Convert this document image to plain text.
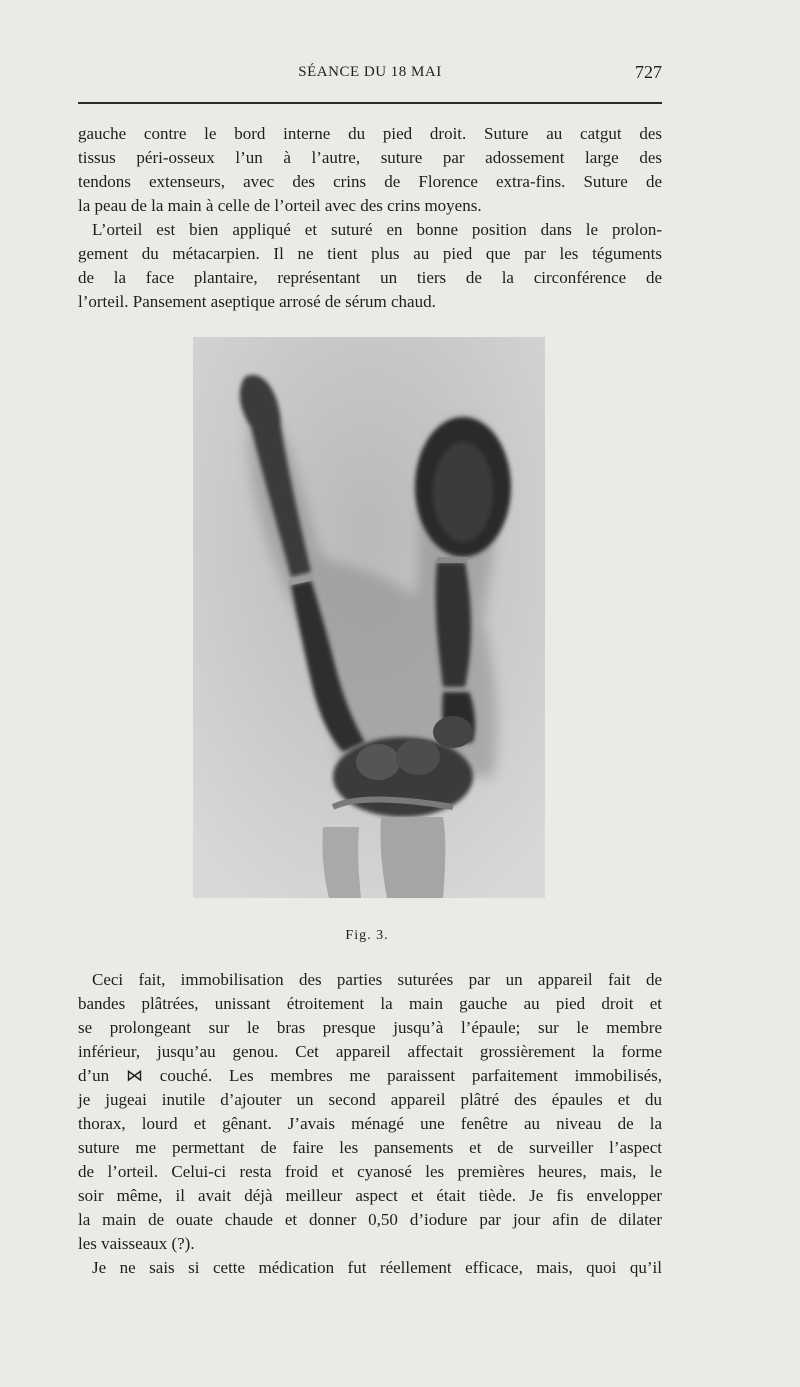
SÉANCE DU 18 MAI	727

gauche contre le bord interne du pied droit. Suture au catgut des
tissus péri-osseux l’un à l’autre, suture par adossement large des
tendons extenseurs, avec des crins de Florence extra-fins. Suture de
la peau de la main à celle de l’orteil avec des crins moyens.

L’orteil est bien appliqué et suturé en bonne position dans le prolon-
gement du métacarpien. Il ne tient plus au pied que par les téguments
de la face plantaire, représentant un tiers de la circonférence de
l’orteil. Pansement aseptique arrosé de sérum chaud.

Fig. 3.

Ceci fait, immobilisation des parties suturées par un appareil fait de
bandes plâtrées, unissant étroitement la main gauche au pied droit et
se prolongeant sur le bras presque jusqu’à l’épaule; sur le membre
inférieur, jusqu’au genou. Cet appareil affectait grossièrement la forme
d’un ⋈ couché. Les membres me paraissent parfaitement immobilisés,
je jugeai inutile d’ajouter un second appareil plâtré des épaules et du
thorax, lourd et gênant. J’avais ménagé une fenêtre au niveau de la
suture me permettant de faire les pansements et de surveiller l’aspect
de l’orteil. Celui-ci resta froid et cyanosé les premières heures, mais, le
soir même, il avait déjà meilleur aspect et était tiède. Je fis envelopper
la main de ouate chaude et donner 0,50 d’iodure par jour afin de dilater
les vaisseaux (?).

Je ne sais si cette médication fut réellement efficace, mais, quoi qu’il
